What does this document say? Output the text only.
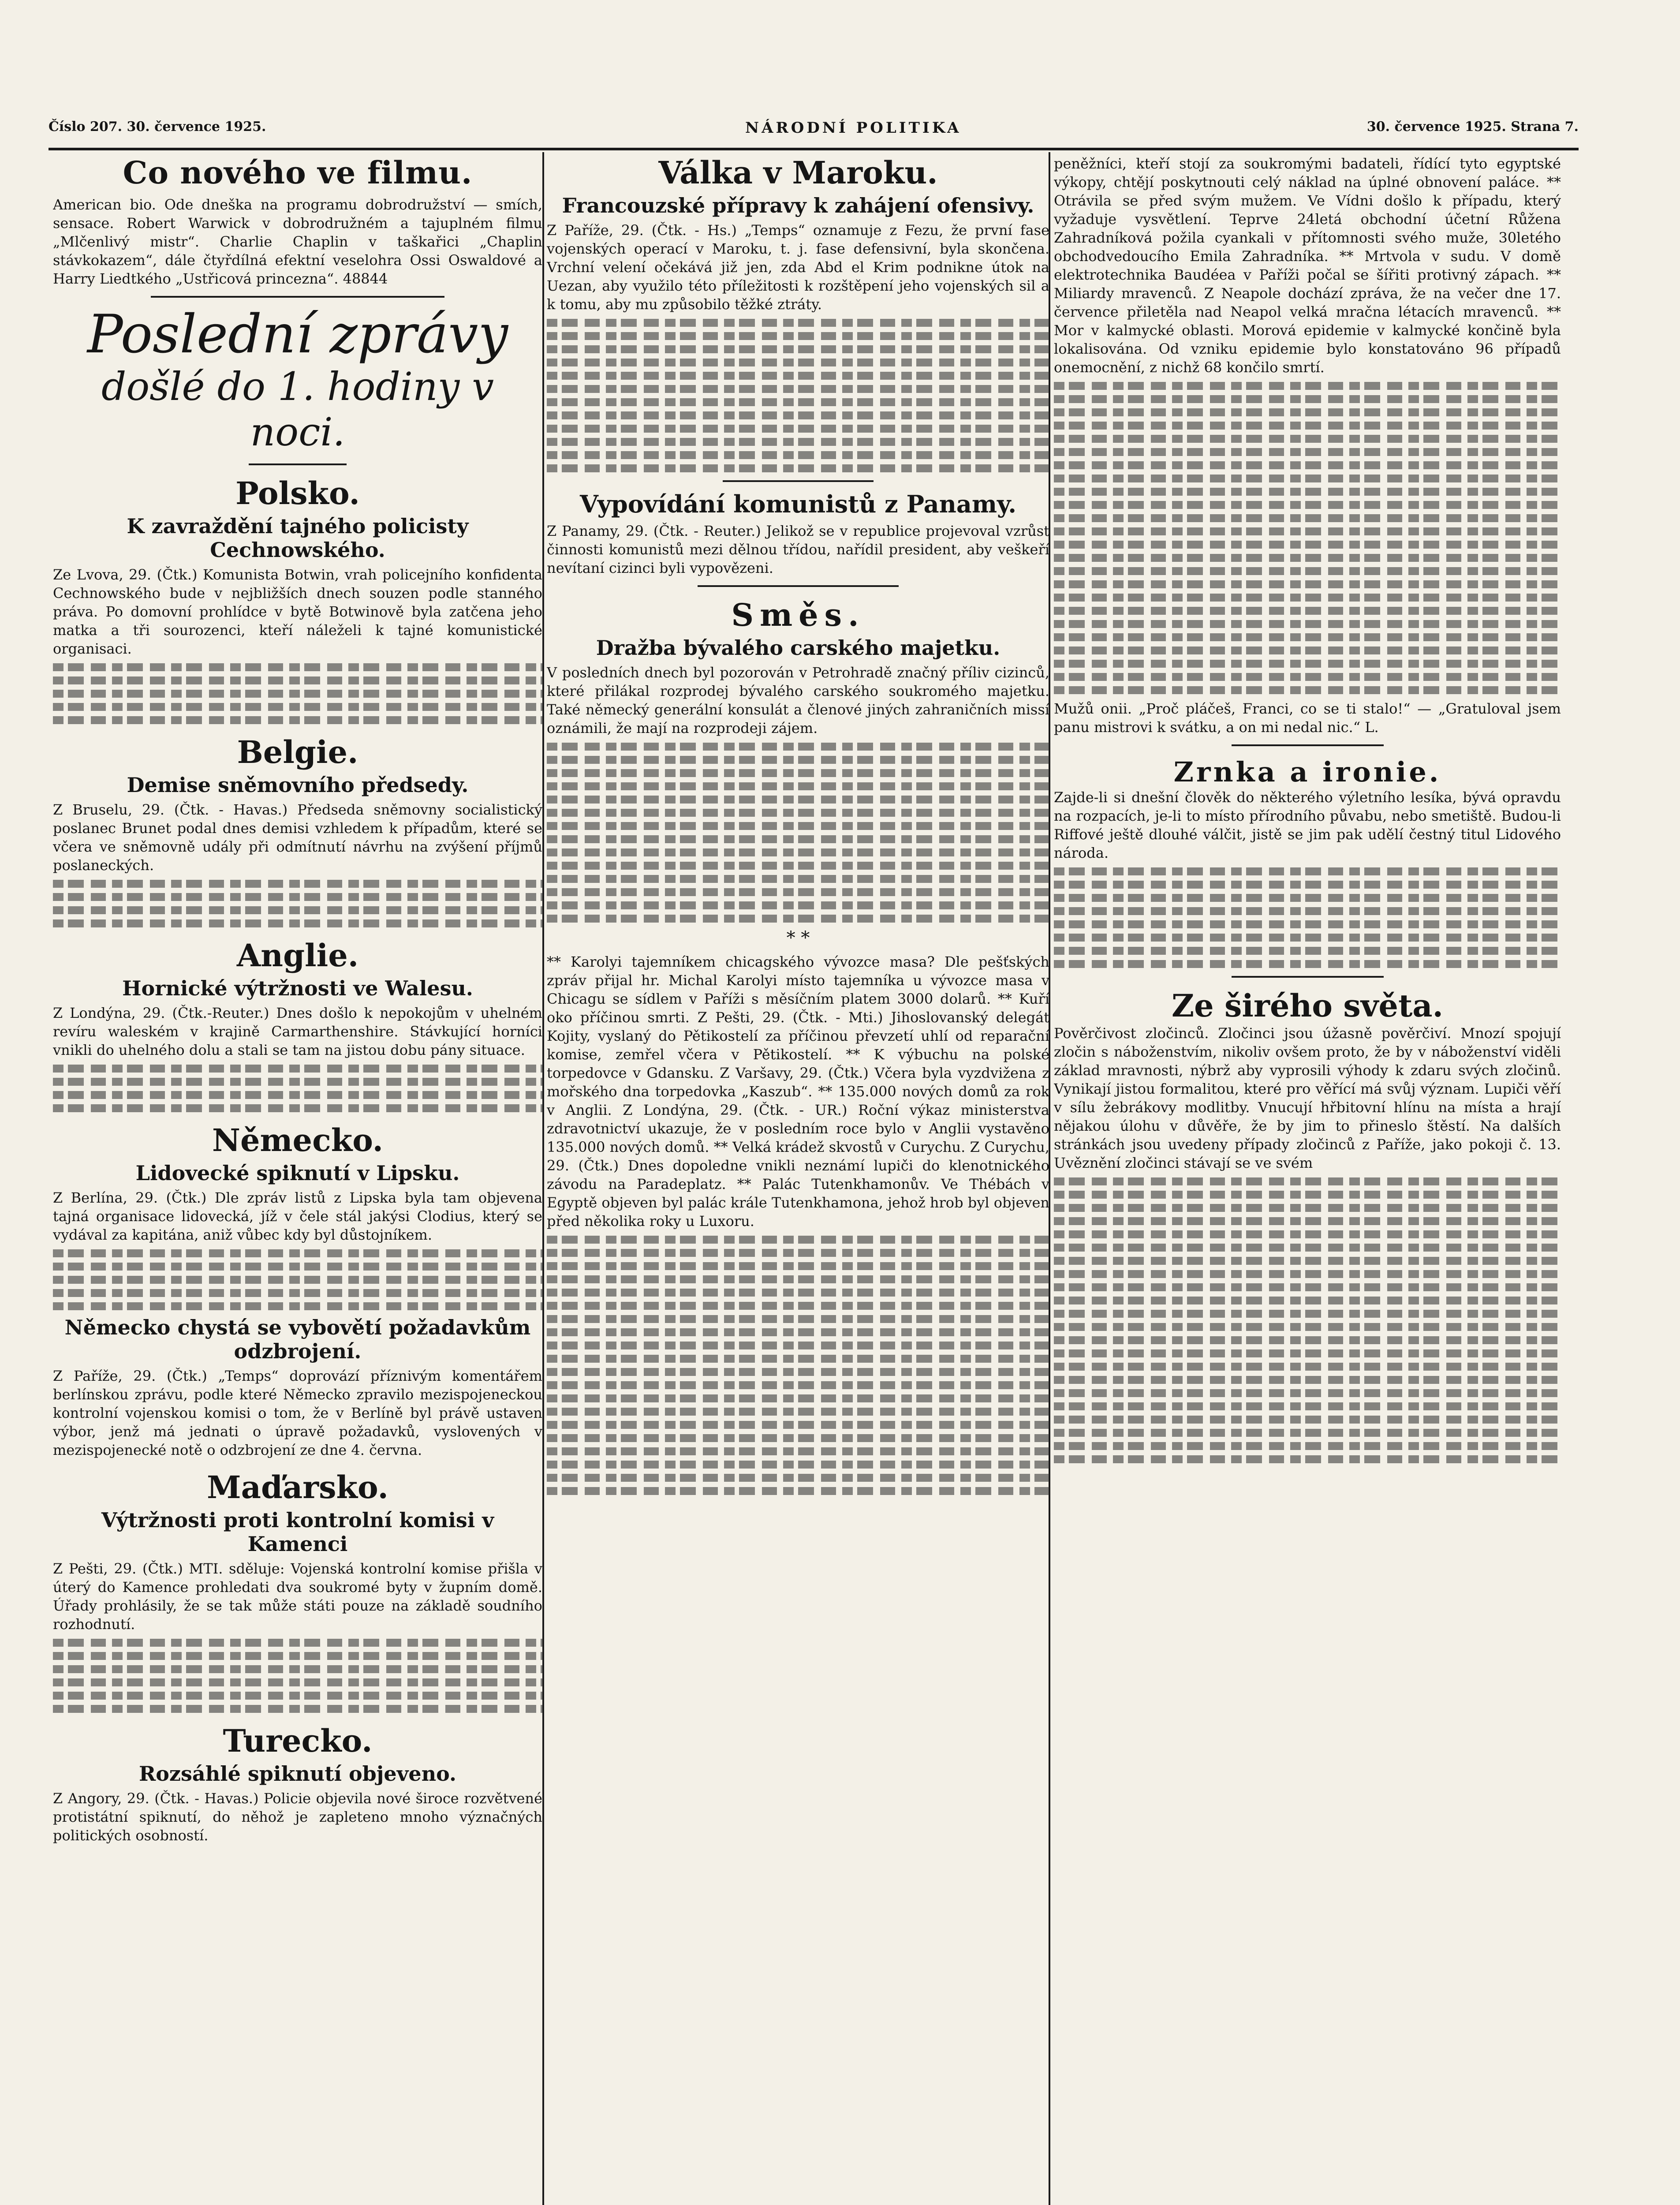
Číslo 207. 30. července 1925.	NÁRODNÍ POLITIKA	30. července 1925. Strana 7.
Co nového ve filmu.
American bio. Ode dneška na programu dobrodružství — smích, sensace. Robert Warwick v dobrodružném a tajuplném filmu „Mlčenlivý mistr“. Charlie Chaplin v taškařici „Chaplin stávkokazem“, dále čtyřdílná efektní veselohra Ossi Oswaldové a Harry Liedtkého „Ustřicová princezna“. 48844
Poslední zprávy
došlé do 1. hodiny v noci.
Polsko.
K zavraždění tajného policisty Cechnowského.
Ze Lvova, 29. (Čtk.) Komunista Botwin, vrah policejního konfidenta Cechnowského bude v nejbližších dnech souzen podle stanného práva. Po domovní prohlídce v bytě Botwinově byla zatčena jeho matka a tři sourozenci, kteří náleželi k tajné komunistické organisaci.
Belgie.
Demise sněmovního předsedy.
Z Bruselu, 29. (Čtk. - Havas.) Předseda sněmovny socialistický poslanec Brunet podal dnes demisi vzhledem k případům, které se včera ve sněmovně udály při odmítnutí návrhu na zvýšení příjmů poslaneckých.
Anglie.
Hornické výtržnosti ve Walesu.
Z Londýna, 29. (Čtk.-Reuter.) Dnes došlo k nepokojům v uhelném revíru waleském v krajině Carmarthenshire. Stávkující horníci vnikli do uhelného dolu a stali se tam na jistou dobu pány situace.
Německo.
Lidovecké spiknutí v Lipsku.
Z Berlína, 29. (Čtk.) Dle zpráv listů z Lipska byla tam objevena tajná organisace lidovecká, jíž v čele stál jakýsi Clodius, který se vydával za kapitána, aniž vůbec kdy byl důstojníkem.
Německo chystá se vybovětí požadavkům odzbrojení.
Z Paříže, 29. (Čtk.) „Temps“ doprovází příznivým komentářem berlínskou zprávu, podle které Německo zpravilo mezispojeneckou kontrolní vojenskou komisi o tom, že v Berlíně byl právě ustaven výbor, jenž má jednati o úpravě požadavků, vyslovených v mezispojenecké notě o odzbrojení ze dne 4. června.
Maďarsko.
Výtržnosti proti kontrolní komisi v Kamenci
Z Pešti, 29. (Čtk.) MTI. sděluje: Vojenská kontrolní komise přišla v úterý do Kamence prohledati dva soukromé byty v župním domě. Úřady prohlásily, že se tak může státi pouze na základě soudního rozhodnutí.
Turecko.
Rozsáhlé spiknutí objeveno.
Z Angory, 29. (Čtk. - Havas.) Policie objevila nové široce rozvětvené protistátní spiknutí, do něhož je zapleteno mnoho význačných politických osobností.
Válka v Maroku.
Francouzské přípravy k zahájení ofensivy.
Z Paříže, 29. (Čtk. - Hs.) „Temps“ oznamuje z Fezu, že první fase vojenských operací v Maroku, t. j. fase defensivní, byla skončena. Vrchní velení očekává již jen, zda Abd el Krim podnikne útok na Uezan, aby využilo této příležitosti k rozštěpení jeho vojenských sil a k tomu, aby mu způsobilo těžké ztráty.
Vypovídání komunistů z Panamy.
Z Panamy, 29. (Čtk. - Reuter.) Jelikož se v republice projevoval vzrůst činnosti komunistů mezi dělnou třídou, nařídil president, aby veškeří nevítaní cizinci byli vypovězeni.
Směs.
Dražba bývalého carského majetku.
V posledních dnech byl pozorován v Petrohradě značný příliv cizinců, které přilákal rozprodej bývalého carského soukromého majetku. Také německý generální konsulát a členové jiných zahraničních missí oznámili, že mají na rozprodeji zájem.
* *
** Karolyi tajemníkem chicagského vývozce masa? Dle pešťských zpráv přijal hr. Michal Karolyi místo tajemníka u vývozce masa v Chicagu se sídlem v Paříži s měsíčním platem 3000 dolarů. ** Kuří oko příčinou smrti. Z Pešti, 29. (Čtk. - Mti.) Jihoslovanský delegát Kojity, vyslaný do Pětikostelí za příčinou převzetí uhlí od reparační komise, zemřel včera v Pětikostelí. ** K výbuchu na polské torpedovce v Gdansku. Z Varšavy, 29. (Čtk.) Včera byla vyzdvižena z mořského dna torpedovka „Kaszub“. ** 135.000 nových domů za rok v Anglii. Z Londýna, 29. (Čtk. - UR.) Roční výkaz ministerstva zdravotnictví ukazuje, že v posledním roce bylo v Anglii vystavěno 135.000 nových domů. ** Velká krádež skvostů v Curychu. Z Curychu, 29. (Čtk.) Dnes dopoledne vnikli neznámí lupiči do klenotnického závodu na Paradeplatz. ** Palác Tutenkhamonův. Ve Thébách v Egyptě objeven byl palác krále Tutenkhamona, jehož hrob byl objeven před několika roky u Luxoru.
peněžníci, kteří stojí za soukromými badateli, řídící tyto egyptské výkopy, chtějí poskytnouti celý náklad na úplné obnovení paláce. ** Otrávila se před svým mužem. Ve Vídni došlo k případu, který vyžaduje vysvětlení. Teprve 24letá obchodní účetní Růžena Zahradníková požila cyankali v přítomnosti svého muže, 30letého obchodvedoucího Emila Zahradníka. ** Mrtvola v sudu. V domě elektrotechnika Baudéea v Paříži počal se šířiti protivný zápach. ** Miliardy mravenců. Z Neapole dochází zpráva, že na večer dne 17. července přiletěla nad Neapol velká mračna létacích mravenců. ** Mor v kalmycké oblasti. Morová epidemie v kalmycké končině byla lokalisována. Od vzniku epidemie bylo konstatováno 96 případů onemocnění, z nichž 68 končilo smrtí.
Mužů onii. „Proč pláčeš, Franci, co se ti stalo!“ — „Gratuloval jsem panu mistrovi k svátku, a on mi nedal nic.“ L.
Zrnka a ironie.
Zajde-li si dnešní člověk do některého výletního lesíka, bývá opravdu na rozpacích, je-li to místo přírodního půvabu, nebo smetiště. Budou-li Riffové ještě dlouhé válčit, jistě se jim pak udělí čestný titul Lidového národa.
Ze širého světa.
Pověrčivost zločinců. Zločinci jsou úžasně pověrčiví. Mnozí spojují zločin s náboženstvím, nikoliv ovšem proto, že by v náboženství viděli základ mravnosti, nýbrž aby vyprosili výhody k zdaru svých zločinů. Vynikají jistou formalitou, které pro věřící má svůj význam. Lupiči věří v sílu žebrákovy modlitby. Vnucují hřbitovní hlínu na místa a hrají nějakou úlohu v důvěře, že by jim to přineslo štěstí. Na dalších stránkách jsou uvedeny případy zločinců z Paříže, jako pokoji č. 13. Uvěznění zločinci stávají se ve svém
